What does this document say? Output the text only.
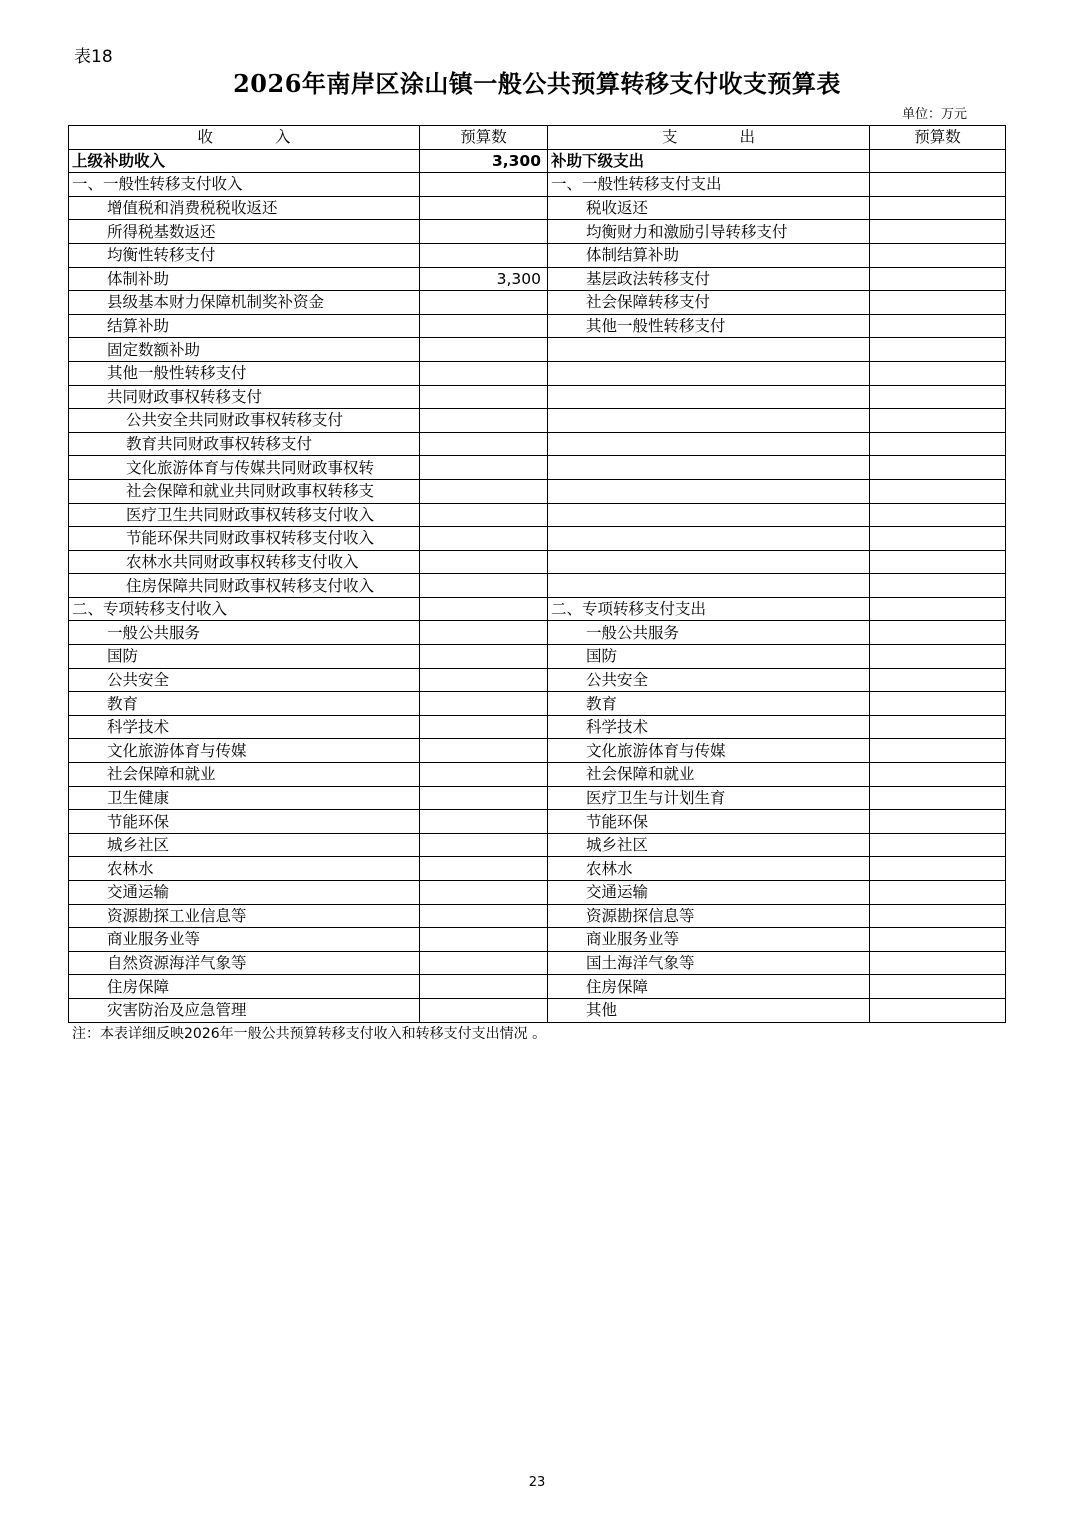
表18
2026年南岸区涂山镇一般公共预算转移支付收支预算表
单位：万元
收　　　　入	预算数	支　　　　出	预算数
上级补助收入	3,300	补助下级支出	
一、一般性转移支付收入		一、一般性转移支付支出	
增值税和消费税税收返还		税收返还	
所得税基数返还		均衡财力和激励引导转移支付	
均衡性转移支付		体制结算补助	
体制补助	3,300	基层政法转移支付	
县级基本财力保障机制奖补资金		社会保障转移支付	
结算补助		其他一般性转移支付	
固定数额补助			
其他一般性转移支付			
共同财政事权转移支付			
公共安全共同财政事权转移支付			
教育共同财政事权转移支付			
文化旅游体育与传媒共同财政事权转			
社会保障和就业共同财政事权转移支			
医疗卫生共同财政事权转移支付收入			
节能环保共同财政事权转移支付收入			
农林水共同财政事权转移支付收入			
住房保障共同财政事权转移支付收入			
二、专项转移支付收入		二、专项转移支付支出	
一般公共服务		一般公共服务	
国防		国防	
公共安全		公共安全	
教育		教育	
科学技术		科学技术	
文化旅游体育与传媒		文化旅游体育与传媒	
社会保障和就业		社会保障和就业	
卫生健康		医疗卫生与计划生育	
节能环保		节能环保	
城乡社区		城乡社区	
农林水		农林水	
交通运输		交通运输	
资源勘探工业信息等		资源勘探信息等	
商业服务业等		商业服务业等	
自然资源海洋气象等		国土海洋气象等	
住房保障		住房保障	
灾害防治及应急管理		其他	
注：本表详细反映2026年一般公共预算转移支付收入和转移支付支出情况 。
23
